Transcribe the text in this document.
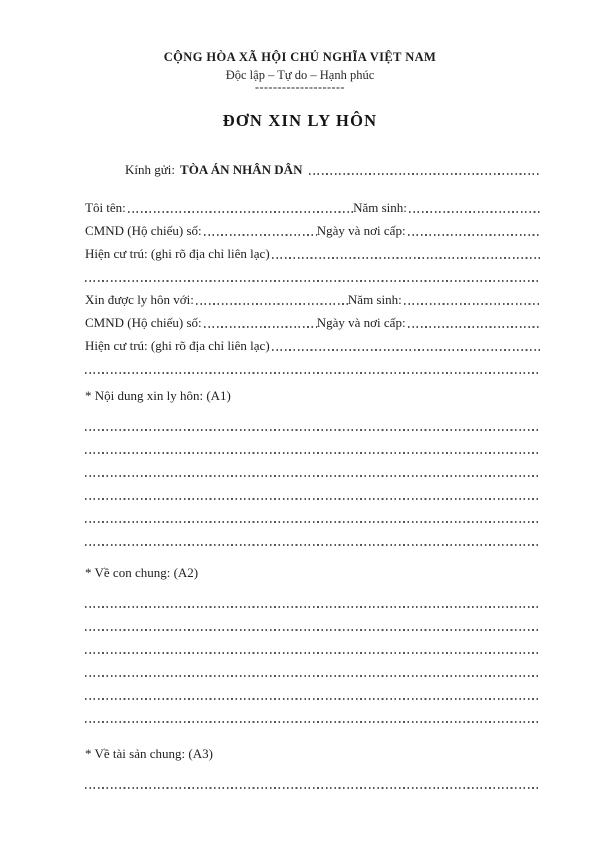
CỘNG HÒA XÃ HỘI CHỦ NGHĨA VIỆT NAM
Độc lập – Tự do – Hạnh phúc
--------------------
ĐƠN XIN LY HÔN
Kính gửi: TÒA ÁN NHÂN DÂN
Tôi tên:	Năm sinh:
CMND (Hộ chiếu) số:	Ngày và nơi cấp:
Hiện cư trú: (ghi rõ địa chỉ liên lạc)
Xin được ly hôn với:	Năm sinh:
CMND (Hộ chiếu) số:	Ngày và nơi cấp:
Hiện cư trú: (ghi rõ địa chỉ liên lạc)
* Nội dung xin ly hôn: (A1)
* Về con chung: (A2)
* Về tài sản chung: (A3)
